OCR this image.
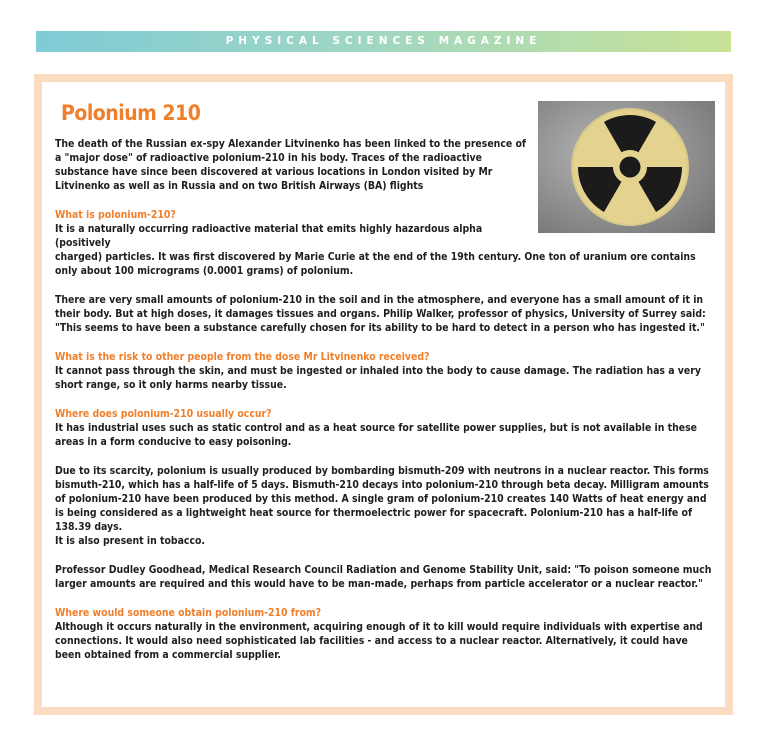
PHYSICAL SCIENCES MAGAZINE
Polonium 210

The death of the Russian ex-spy Alexander Litvinenko has been linked to the presence of a "major dose" of radioactive polonium-210 in his body. Traces of the radioactive substance have since been discovered at various locations in London visited by Mr Litvinenko as well as in Russia and on two British Airways (BA) flights

What is polonium-210?

It is a naturally occurring radioactive material that emits highly hazardous alpha (positively

charged) particles. It was first discovered by Marie Curie at the end of the 19th century. One ton of uranium ore contains only about 100 micrograms (0.0001 grams) of polonium.

There are very small amounts of polonium-210 in the soil and in the atmosphere, and everyone has a small amount of it in their body. But at high doses, it damages tissues and organs. Philip Walker, professor of physics, University of Surrey said: "This seems to have been a substance carefully chosen for its ability to be hard to detect in a person who has ingested it."

What is the risk to other people from the dose Mr Litvinenko received?

It cannot pass through the skin, and must be ingested or inhaled into the body to cause damage. The radiation has a very short range, so it only harms nearby tissue.

Where does polonium-210 usually occur?

It has industrial uses such as static control and as a heat source for satellite power supplies, but is not available in these areas in a form conducive to easy poisoning.

Due to its scarcity, polonium is usually produced by bombarding bismuth-209 with neutrons in a nuclear reactor. This forms bismuth-210, which has a half-life of 5 days. Bismuth-210 decays into polonium-210 through beta decay. Milligram amounts of polonium-210 have been produced by this method. A single gram of polonium-210 creates 140 Watts of heat energy and is being considered as a lightweight heat source for thermoelectric power for spacecraft. Polonium-210 has a half-life of 138.39 days.

It is also present in tobacco.

Professor Dudley Goodhead, Medical Research Council Radiation and Genome Stability Unit, said: "To poison someone much larger amounts are required and this would have to be man-made, perhaps from particle accelerator or a nuclear reactor."

Where would someone obtain polonium-210 from?

Although it occurs naturally in the environment, acquiring enough of it to kill would require individuals with expertise and connections. It would also need sophisticated lab facilities - and access to a nuclear reactor. Alternatively, it could have been obtained from a commercial supplier.
